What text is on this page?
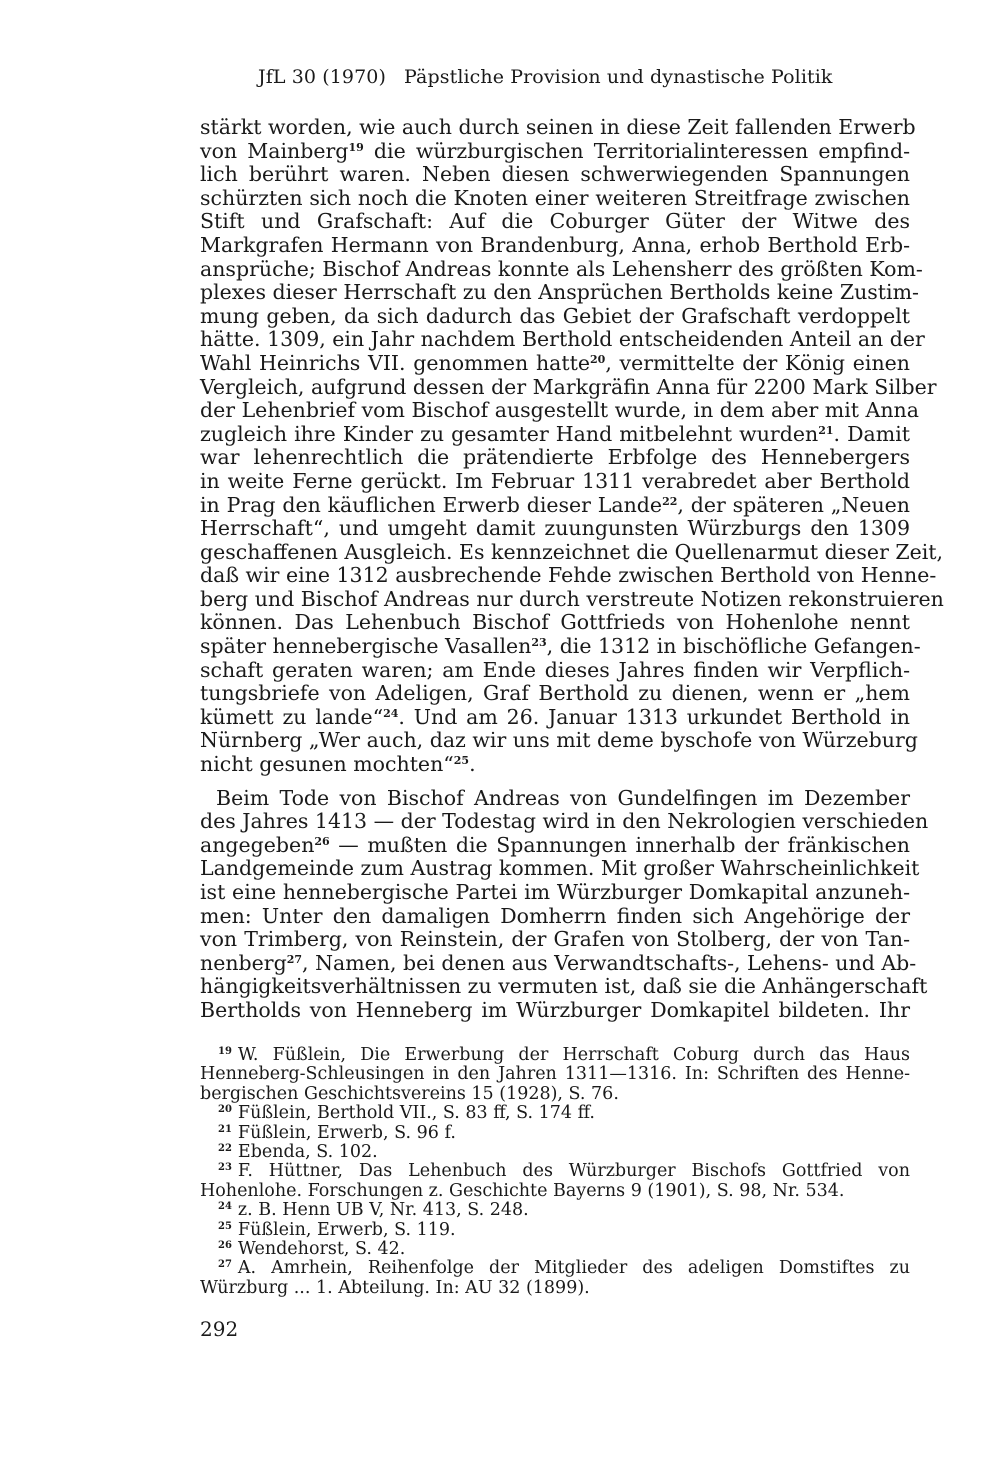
JfL 30 (1970) Päpstliche Provision und dynastische Politik
stärkt worden, wie auch durch seinen in diese Zeit fallenden Erwerb
von Mainberg$^{19}$ die würzburgischen Territorialinteressen empfind-
lich berührt waren. Neben diesen schwerwiegenden Spannungen
schürzten sich noch die Knoten einer weiteren Streitfrage zwischen
Stift und Grafschaft: Auf die Coburger Güter der Witwe des
Markgrafen Hermann von Brandenburg, Anna, erhob Berthold Erb-
ansprüche; Bischof Andreas konnte als Lehensherr des größten Kom-
plexes dieser Herrschaft zu den Ansprüchen Bertholds keine Zustim-
mung geben, da sich dadurch das Gebiet der Grafschaft verdoppelt
hätte. 1309, ein Jahr nachdem Berthold entscheidenden Anteil an der
Wahl Heinrichs VII. genommen hatte$^{20}$, vermittelte der König einen
Vergleich, aufgrund dessen der Markgräfin Anna für 2200 Mark Silber
der Lehenbrief vom Bischof ausgestellt wurde, in dem aber mit Anna
zugleich ihre Kinder zu gesamter Hand mitbelehnt wurden$^{21}$. Damit
war lehenrechtlich die prätendierte Erbfolge des Hennebergers
in weite Ferne gerückt. Im Februar 1311 verabredet aber Berthold
in Prag den käuflichen Erwerb dieser Lande$^{22}$, der späteren „Neuen
Herrschaft“, und umgeht damit zuungunsten Würzburgs den 1309
geschaffenen Ausgleich. Es kennzeichnet die Quellenarmut dieser Zeit,
daß wir eine 1312 ausbrechende Fehde zwischen Berthold von Henne-
berg und Bischof Andreas nur durch verstreute Notizen rekonstruieren
können. Das Lehenbuch Bischof Gottfrieds von Hohenlohe nennt
später hennebergische Vasallen$^{23}$, die 1312 in bischöfliche Gefangen-
schaft geraten waren; am Ende dieses Jahres finden wir Verpflich-
tungsbriefe von Adeligen, Graf Berthold zu dienen, wenn er „hem
kümett zu lande“$^{24}$. Und am 26. Januar 1313 urkundet Berthold in
Nürnberg „Wer auch, daz wir uns mit deme byschofe von Würzeburg
nicht gesunen mochten“$^{25}$.
Beim Tode von Bischof Andreas von Gundelfingen im Dezember
des Jahres 1413 — der Todestag wird in den Nekrologien verschieden
angegeben$^{26}$ — mußten die Spannungen innerhalb der fränkischen
Landgemeinde zum Austrag kommen. Mit großer Wahrscheinlichkeit
ist eine hennebergische Partei im Würzburger Domkapital anzuneh-
men: Unter den damaligen Domherrn finden sich Angehörige der
von Trimberg, von Reinstein, der Grafen von Stolberg, der von Tan-
nenberg$^{27}$, Namen, bei denen aus Verwandtschafts-, Lehens- und Ab-
hängigkeitsverhältnissen zu vermuten ist, daß sie die Anhängerschaft
Bertholds von Henneberg im Würzburger Domkapitel bildeten. Ihr
$^{19}$ W. Füßlein, Die Erwerbung der Herrschaft Coburg durch das Haus
Henneberg-Schleusingen in den Jahren 1311—1316. In: Schriften des Henne-
bergischen Geschichtsvereins 15 (1928), S. 76.
$^{20}$ Füßlein, Berthold VII., S. 83 ff, S. 174 ff.
$^{21}$ Füßlein, Erwerb, S. 96 f.
$^{22}$ Ebenda, S. 102.
$^{23}$ F. Hüttner, Das Lehenbuch des Würzburger Bischofs Gottfried von
Hohenlohe. Forschungen z. Geschichte Bayerns 9 (1901), S. 98, Nr. 534.
$^{24}$ z. B. Henn UB V, Nr. 413, S. 248.
$^{25}$ Füßlein, Erwerb, S. 119.
$^{26}$ Wendehorst, S. 42.
$^{27}$ A. Amrhein, Reihenfolge der Mitglieder des adeligen Domstiftes zu
Würzburg ... 1. Abteilung. In: AU 32 (1899).
292
